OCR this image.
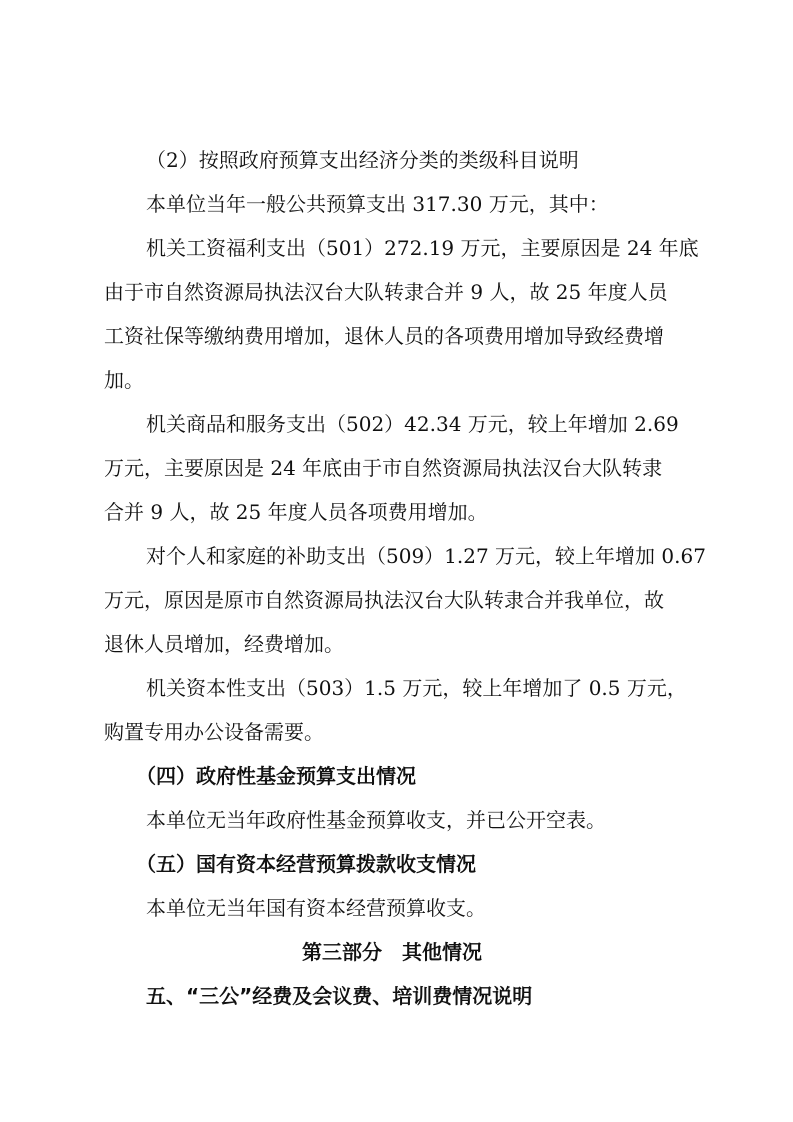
（2）按照政府预算支出经济分类的类级科目说明
本单位当年一般公共预算支出 317.30 万元，其中：
机关工资福利支出（501）272.19 万元，主要原因是 24 年底
由于市自然资源局执法汉台大队转隶合并 9 人，故 25 年度人员
工资社保等缴纳费用增加，退休人员的各项费用增加导致经费增
加。
机关商品和服务支出（502）42.34 万元，较上年增加 2.69
万元，主要原因是 24 年底由于市自然资源局执法汉台大队转隶
合并 9 人，故 25 年度人员各项费用增加。
对个人和家庭的补助支出（509）1.27 万元，较上年增加 0.67
万元，原因是原市自然资源局执法汉台大队转隶合并我单位，故
退休人员增加，经费增加。
机关资本性支出（503）1.5 万元，较上年增加了 0.5 万元，
购置专用办公设备需要。
（四）政府性基金预算支出情况
本单位无当年政府性基金预算收支，并已公开空表。
（五）国有资本经营预算拨款收支情况
本单位无当年国有资本经营预算收支。
第三部分　其他情况
五、“三公”经费及会议费、培训费情况说明
